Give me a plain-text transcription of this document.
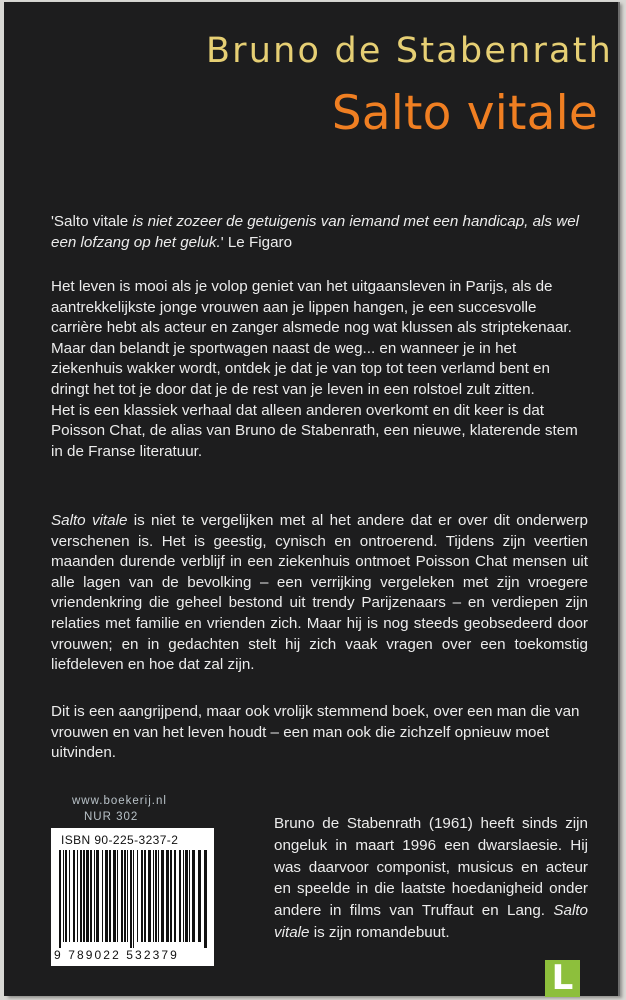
Bruno de Stabenrath
Salto vitale

'Salto vitale is niet zozeer de getuigenis van iemand met een handicap, als wel een lofzang op het geluk.' Le Figaro

Het leven is mooi als je volop geniet van het uitgaansleven in Parijs, als de aantrekkelijkste jonge vrouwen aan je lippen hangen, je een succesvolle carrière hebt als acteur en zanger alsmede nog wat klussen als striptekenaar. Maar dan belandt je sportwagen naast de weg... en wanneer je in het ziekenhuis wakker wordt, ontdek je dat je van top tot teen verlamd bent en dringt het tot je door dat je de rest van je leven in een rolstoel zult zitten.

Het is een klassiek verhaal dat alleen anderen overkomt en dit keer is dat Poisson Chat, de alias van Bruno de Stabenrath, een nieuwe, klaterende stem in de Franse literatuur.

Salto vitale is niet te vergelijken met al het andere dat er over dit onderwerp verschenen is. Het is geestig, cynisch en ontroerend. Tijdens zijn veertien maanden durende verblijf in een ziekenhuis ontmoet Poisson Chat mensen uit alle lagen van de bevolking – een verrijking vergeleken met zijn vroegere vriendenkring die geheel bestond uit trendy Parijzenaars – en verdiepen zijn relaties met familie en vrienden zich. Maar hij is nog steeds geobsedeerd door vrouwen; en in gedachten stelt hij zich vaak vragen over een toekomstig liefdeleven en hoe dat zal zijn.

Dit is een aangrijpend, maar ook vrolijk stemmend boek, over een man die van vrouwen en van het leven houdt – een man ook die zichzelf opnieuw moet uitvinden.

www.boekerij.nl
NUR 302
ISBN 90-225-3237-2
9 789022 532379
Bruno de Stabenrath (1961) heeft sinds zijn ongeluk in maart 1996 een dwarslaesie. Hij was daarvoor componist, musicus en acteur en speelde in die laatste hoedanigheid onder andere in films van Truffaut en Lang. Salto vitale is zijn romandebuut.
L
